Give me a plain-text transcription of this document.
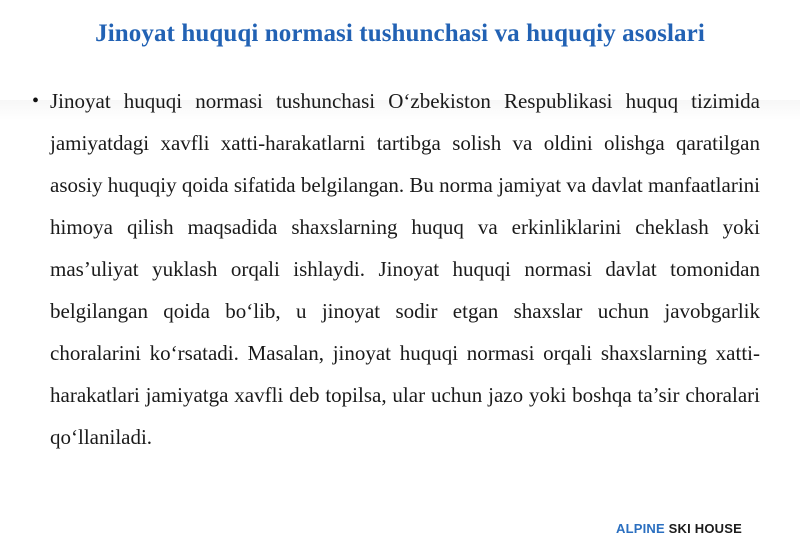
Jinoyat huquqi normasi tushunchasi va huquqiy asoslari
• Jinoyat huquqi normasi tushunchasi O‘zbekiston Respublikasi huquq tizimida jamiyatdagi xavfli xatti-harakatlarni tartibga solish va oldini olishga qaratilgan asosiy huquqiy qoida sifatida belgilangan. Bu norma jamiyat va davlat manfaatlarini himoya qilish maqsadida shaxslarning huquq va erkinliklarini cheklash yoki mas’uliyat yuklash orqali ishlaydi. Jinoyat huquqi normasi davlat tomonidan belgilangan qoida bo‘lib, u jinoyat sodir etgan shaxslar uchun javobgarlik choralarini ko‘rsatadi. Masalan, jinoyat huquqi normasi orqali shaxslarning xatti-harakatlari jamiyatga xavfli deb topilsa, ular uchun jazo yoki boshqa ta’sir choralari qo‘llaniladi.

ALPINE SKI HOUSE
